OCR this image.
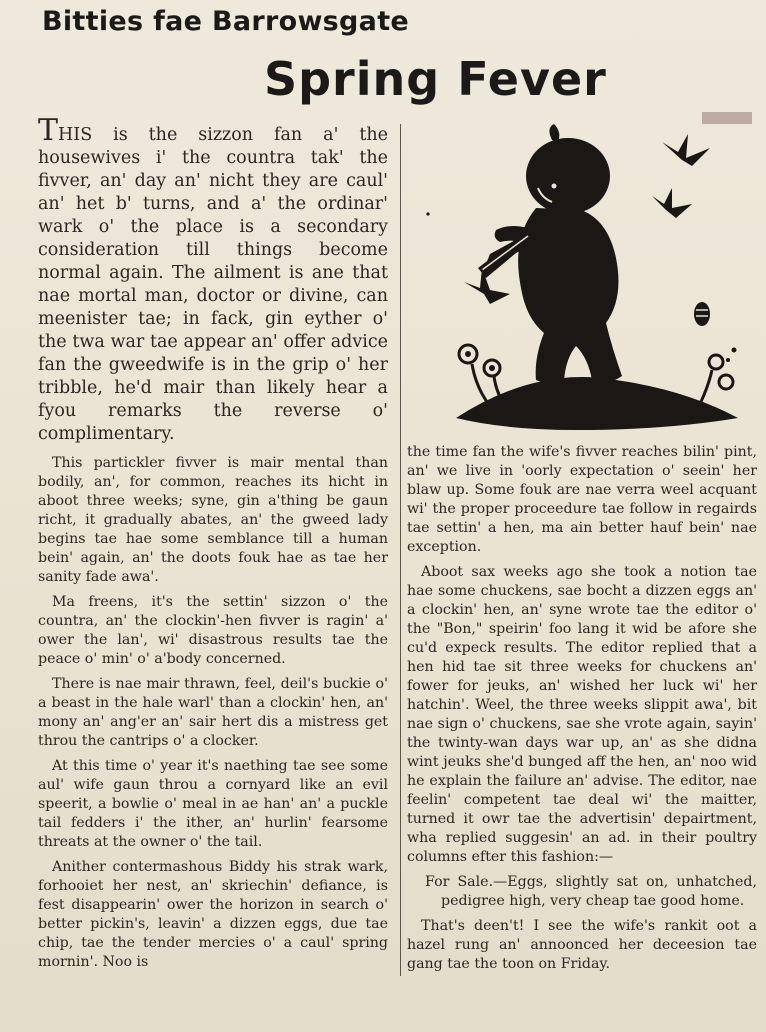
Bitties fae Barrowsgate
Spring Fever

THIS is the sizzon fan a' the housewives i' the countra tak' the fivver, an' day an' nicht they are caul' an' het b' turns, and a' the ordinar' wark o' the place is a secondary consideration till things become normal again. The ailment is ane that nae mortal man, doctor or divine, can meenister tae; in fack, gin eyther o' the twa war tae appear an' offer advice fan the gweedwife is in the grip o' her tribble, he'd mair than likely hear a fyou remarks the reverse o' complimentary.

This partickler fivver is mair mental than bodily, an', for common, reaches its hicht in aboot three weeks; syne, gin a'thing be gaun richt, it gradually abates, an' the gweed lady begins tae hae some semblance till a human bein' again, an' the doots fouk hae as tae her sanity fade awa'.

Ma freens, it's the settin' sizzon o' the countra, an' the clockin'-hen fivver is ragin' a' ower the lan', wi' disastrous results tae the peace o' min' o' a'body concerned.

There is nae mair thrawn, feel, deil's buckie o' a beast in the hale warl' than a clockin' hen, an' mony an' ang'er an' sair hert dis a mistress get throu the cantrips o' a clocker.

At this time o' year it's naething tae see some aul' wife gaun throu a cornyard like an evil speerit, a bowlie o' meal in ae han' an' a puckle tail fedders i' the ither, an' hurlin' fearsome threats at the owner o' the tail.

Anither contermashous Biddy his strak wark, forhooiet her nest, an' skriechin' defiance, is fest disappearin' ower the horizon in search o' better pickin's, leavin' a dizzen eggs, due tae chip, tae the tender mercies o' a caul' spring mornin'. Noo is

the time fan the wife's fivver reaches bilin' pint, an' we live in 'oorly expectation o' seein' her blaw up. Some fouk are nae verra weel acquant wi' the proper proceedure tae follow in regairds tae settin' a hen, ma ain better hauf bein' nae exception.

Aboot sax weeks ago she took a notion tae hae some chuckens, sae bocht a dizzen eggs an' a clockin' hen, an' syne wrote tae the editor o' the "Bon," speirin' foo lang it wid be afore she cu'd expeck results. The editor replied that a hen hid tae sit three weeks for chuckens an' fower for jeuks, an' wished her luck wi' her hatchin'. Weel, the three weeks slippit awa', bit nae sign o' chuckens, sae she vrote again, sayin' the twinty-wan days war up, an' as she didna wint jeuks she'd bunged aff the hen, an' noo wid he explain the failure an' advise. The editor, nae feelin' competent tae deal wi' the maitter, turned it owr tae the advertisin' depairtment, wha replied suggesin' an ad. in their poultry columns efter this fashion:—

For Sale.—Eggs, slightly sat on, unhatched, pedigree high, very cheap tae good home.

That's deen't! I see the wife's rankit oot a hazel rung an' annoonced her deceesion tae gang tae the toon on Friday.
